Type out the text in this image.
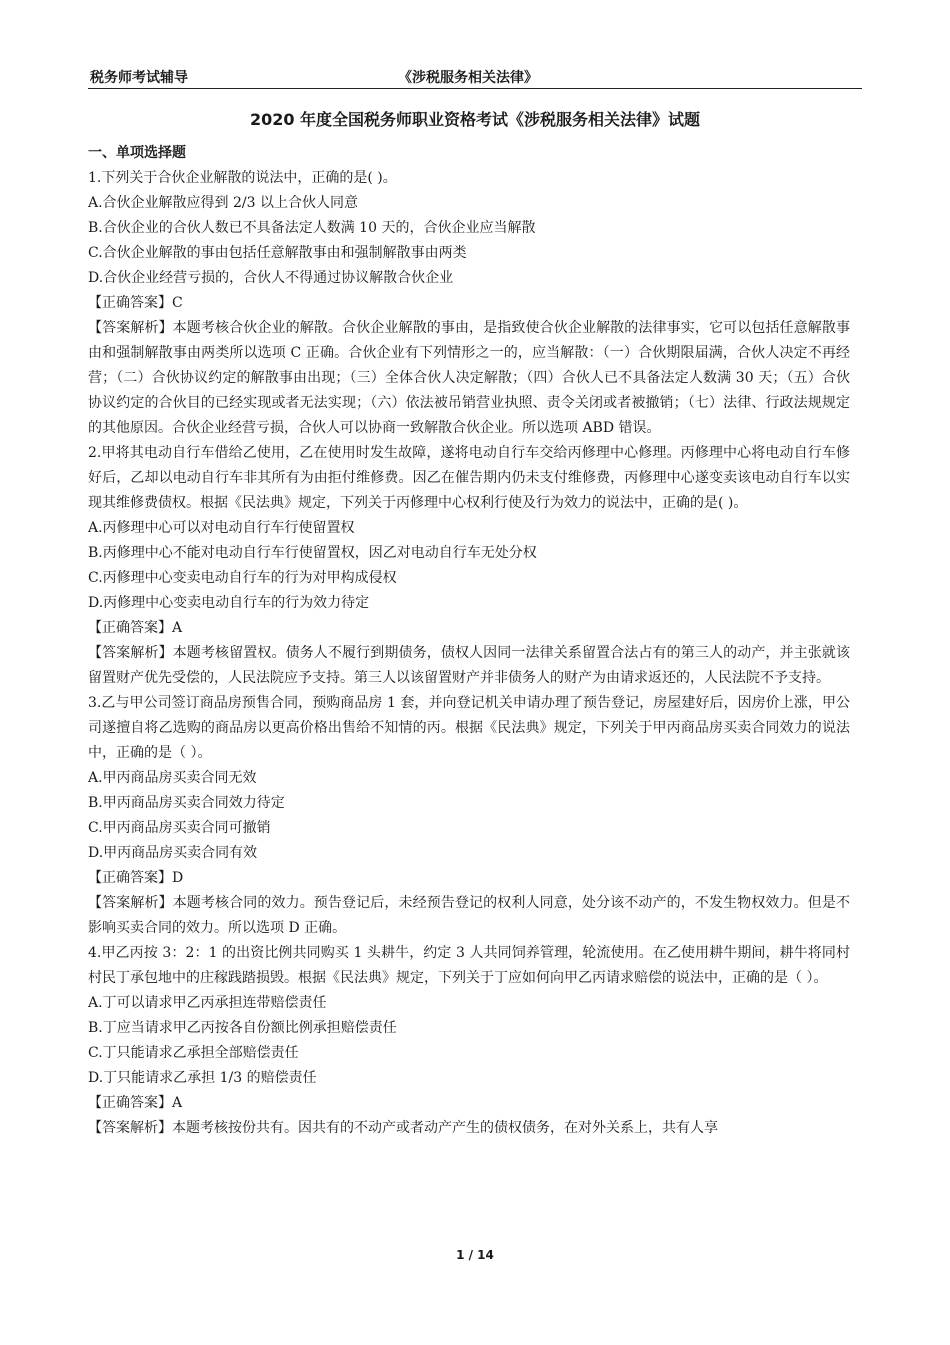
税务师考试辅导	《涉税服务相关法律》
2020 年度全国税务师职业资格考试《涉税服务相关法律》试题

一、单项选择题

1.下列关于合伙企业解散的说法中，正确的是( )。

A.合伙企业解散应得到 2/3 以上合伙人同意

B.合伙企业的合伙人数已不具备法定人数满 10 天的，合伙企业应当解散

C.合伙企业解散的事由包括任意解散事由和强制解散事由两类

D.合伙企业经营亏损的，合伙人不得通过协议解散合伙企业

【正确答案】C

【答案解析】本题考核合伙企业的解散。合伙企业解散的事由，是指致使合伙企业解散的法律事实，它可以包括任意解散事由和强制解散事由两类所以选项 C 正确。合伙企业有下列情形之一的，应当解散：（一）合伙期限届满，合伙人决定不再经营；（二）合伙协议约定的解散事由出现；（三）全体合伙人决定解散；（四）合伙人已不具备法定人数满 30 天；（五）合伙协议约定的合伙目的已经实现或者无法实现；（六）依法被吊销营业执照、责令关闭或者被撤销；（七）法律、行政法规规定的其他原因。合伙企业经营亏损，合伙人可以协商一致解散合伙企业。所以选项 ABD 错误。

2.甲将其电动自行车借给乙使用，乙在使用时发生故障，遂将电动自行车交给丙修理中心修理。丙修理中心将电动自行车修好后，乙却以电动自行车非其所有为由拒付维修费。因乙在催告期内仍未支付维修费，丙修理中心遂变卖该电动自行车以实现其维修费债权。根据《民法典》规定，下列关于丙修理中心权利行使及行为效力的说法中，正确的是( )。

A.丙修理中心可以对电动自行车行使留置权

B.丙修理中心不能对电动自行车行使留置权，因乙对电动自行车无处分权

C.丙修理中心变卖电动自行车的行为对甲构成侵权

D.丙修理中心变卖电动自行车的行为效力待定

【正确答案】A

【答案解析】本题考核留置权。债务人不履行到期债务，债权人因同一法律关系留置合法占有的第三人的动产，并主张就该留置财产优先受偿的，人民法院应予支持。第三人以该留置财产并非债务人的财产为由请求返还的，人民法院不予支持。

3.乙与甲公司签订商品房预售合同，预购商品房 1 套，并向登记机关申请办理了预告登记，房屋建好后，因房价上涨，甲公司遂擅自将乙选购的商品房以更高价格出售给不知情的丙。根据《民法典》规定，下列关于甲丙商品房买卖合同效力的说法中，正确的是（ ）。

A.甲丙商品房买卖合同无效

B.甲丙商品房买卖合同效力待定

C.甲丙商品房买卖合同可撤销

D.甲丙商品房买卖合同有效

【正确答案】D

【答案解析】本题考核合同的效力。预告登记后，未经预告登记的权利人同意，处分该不动产的，不发生物权效力。但是不影响买卖合同的效力。所以选项 D 正确。

4.甲乙丙按 3：2：1 的出资比例共同购买 1 头耕牛，约定 3 人共同饲养管理，轮流使用。在乙使用耕牛期间，耕牛将同村村民丁承包地中的庄稼践踏损毁。根据《民法典》规定，下列关于丁应如何向甲乙丙请求赔偿的说法中，正确的是（ ）。

A.丁可以请求甲乙丙承担连带赔偿责任

B.丁应当请求甲乙丙按各自份额比例承担赔偿责任

C.丁只能请求乙承担全部赔偿责任

D.丁只能请求乙承担 1/3 的赔偿责任

【正确答案】A

【答案解析】本题考核按份共有。因共有的不动产或者动产产生的债权债务，在对外关系上，共有人享

1 / 14
